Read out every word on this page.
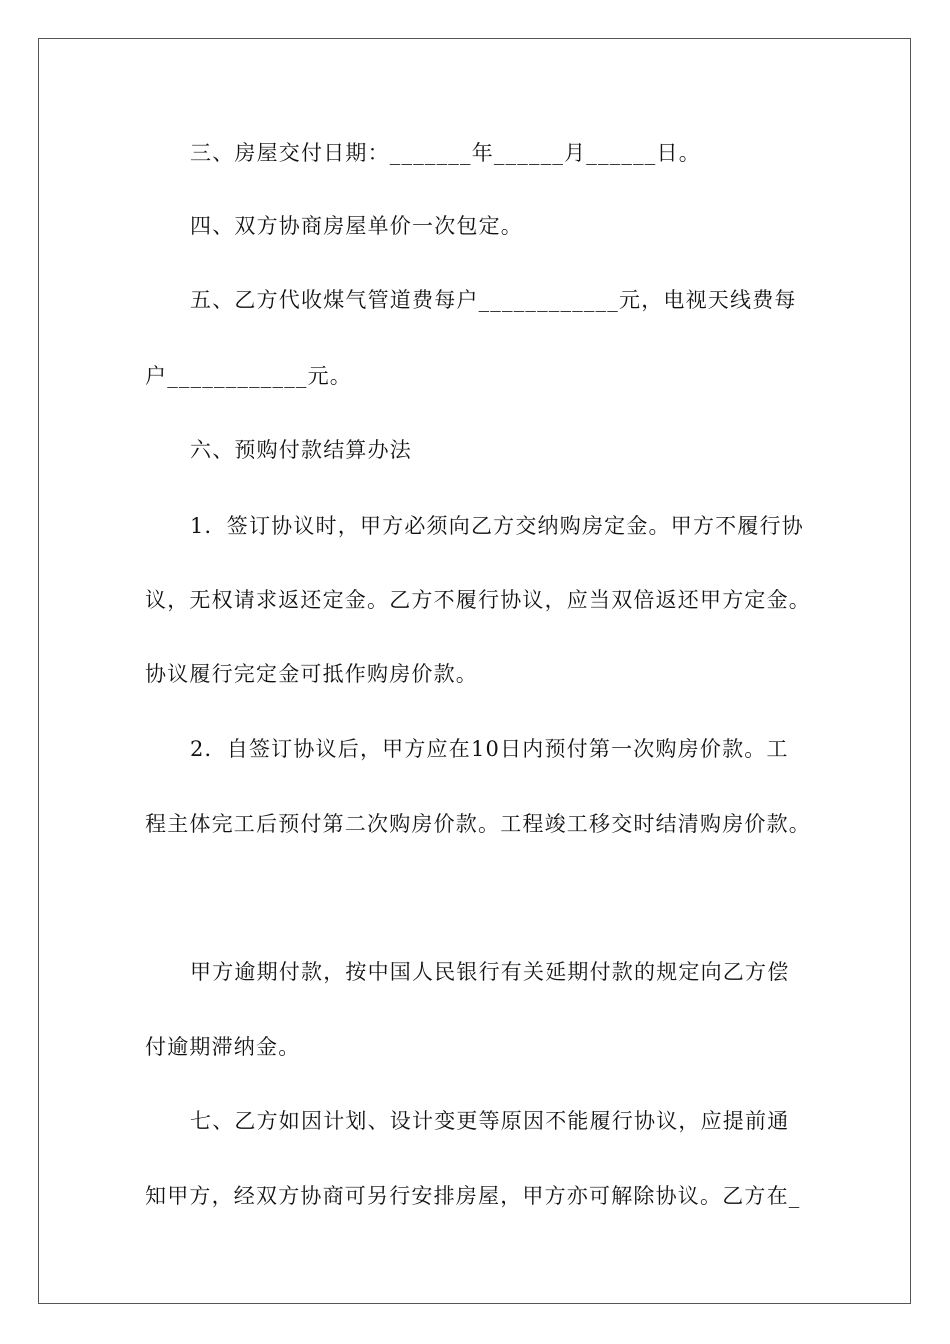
三、房屋交付日期：_______年______月______日。
四、双方协商房屋单价一次包定。
五、乙方代收煤气管道费每户____________元，电视天线费每
户____________元。
六、预购付款结算办法
1．签订协议时，甲方必须向乙方交纳购房定金。甲方不履行协
议，无权请求返还定金。乙方不履行协议，应当双倍返还甲方定金。
协议履行完定金可抵作购房价款。
2．自签订协议后，甲方应在10日内预付第一次购房价款。工
程主体完工后预付第二次购房价款。工程竣工移交时结清购房价款。
甲方逾期付款，按中国人民银行有关延期付款的规定向乙方偿
付逾期滞纳金。
七、乙方如因计划、设计变更等原因不能履行协议，应提前通
知甲方，经双方协商可另行安排房屋，甲方亦可解除协议。乙方在_
